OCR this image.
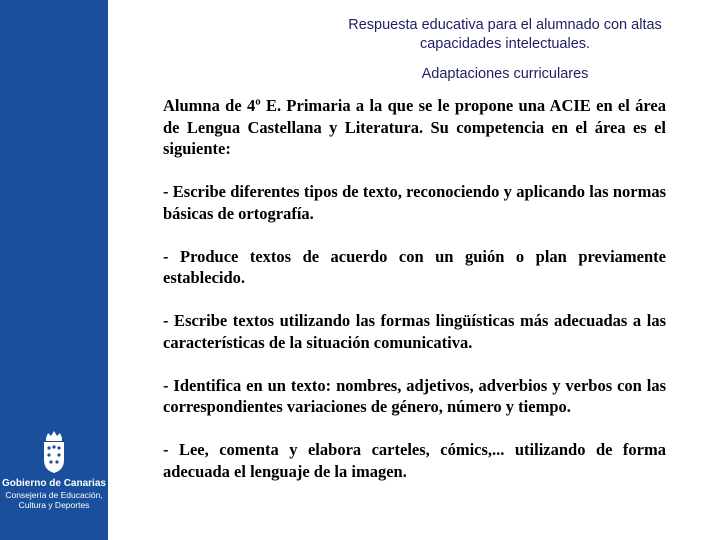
Gobierno de Canarias
Consejería de Educación,
Cultura y Deportes
Respuesta educativa para el alumnado con altas capacidades intelectuales.
Adaptaciones curriculares

Alumna de 4º E. Primaria a la que se le propone una ACIE en el área de Lengua Castellana y Literatura. Su competencia en el área es el siguiente:

- Escribe diferentes tipos de texto, reconociendo y aplicando las normas básicas de ortografía.

- Produce textos de acuerdo con un guión o plan previamente establecido.

- Escribe textos utilizando las formas lingüísticas más adecuadas a las características de la situación comunicativa.

- Identifica en un texto: nombres, adjetivos, adverbios y verbos con las correspondientes variaciones de género, número y tiempo.

- Lee, comenta y elabora carteles, cómics,... utilizando de forma adecuada el lenguaje de la imagen.
